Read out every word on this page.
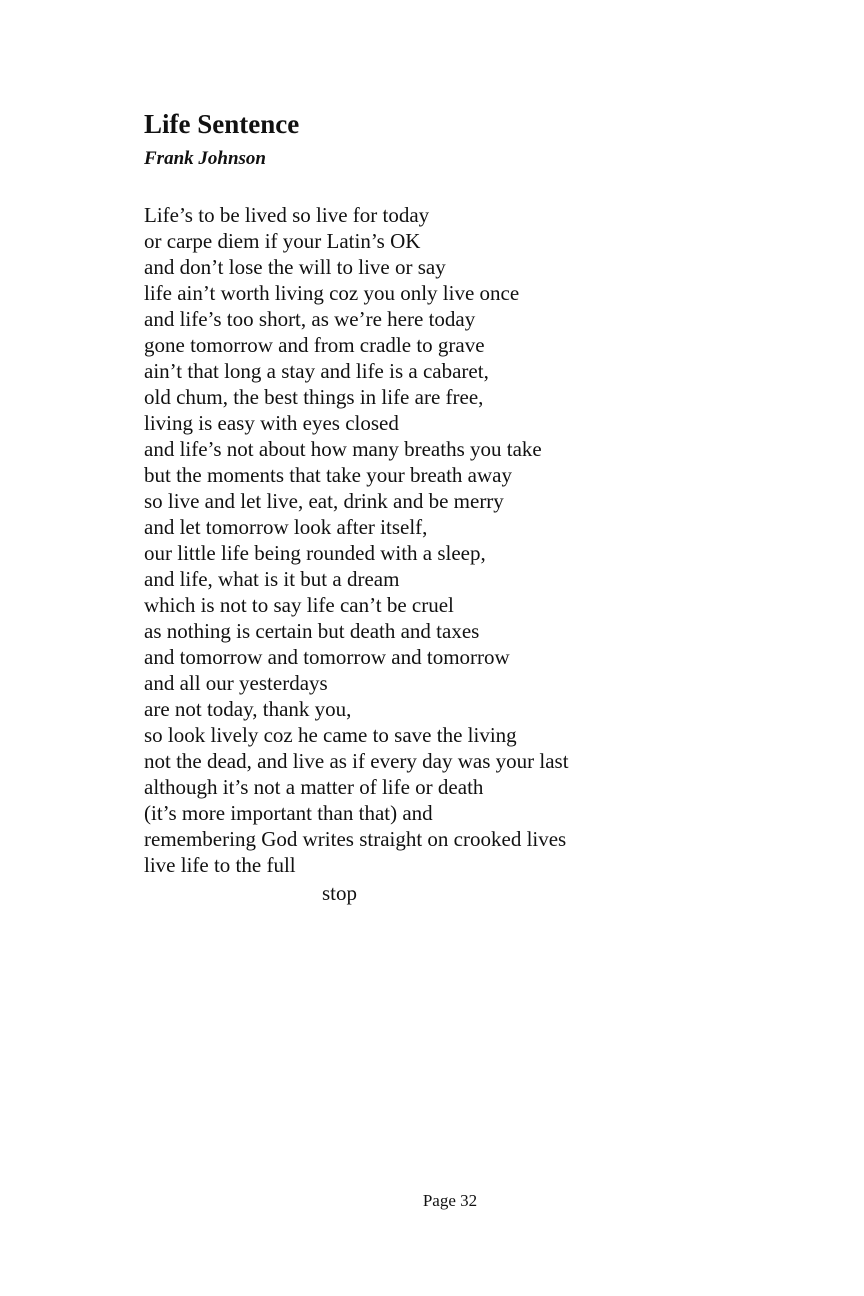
Life Sentence
Frank Johnson
Life’s to be lived so live for today
or carpe diem if your Latin’s OK
and don’t lose the will to live or say
life ain’t worth living coz you only live once
and life’s too short, as we’re here today
gone tomorrow and from cradle to grave
ain’t that long a stay and life is a cabaret,
old chum, the best things in life are free,
living is easy with eyes closed
and life’s not about how many breaths you take
but the moments that take your breath away
so live and let live, eat, drink and be merry
and let tomorrow look after itself,
our little life being rounded with a sleep,
and life, what is it but a dream
which is not to say life can’t be cruel
as nothing is certain but death and taxes
and tomorrow and tomorrow and tomorrow
and all our yesterdays
are not today, thank you,
so look lively coz he came to save the living
not the dead, and live as if every day was your last
although it’s not a matter of life or death
(it’s more important than that) and
remembering God writes straight on crooked lives
live life to the full
stop
Page 32
